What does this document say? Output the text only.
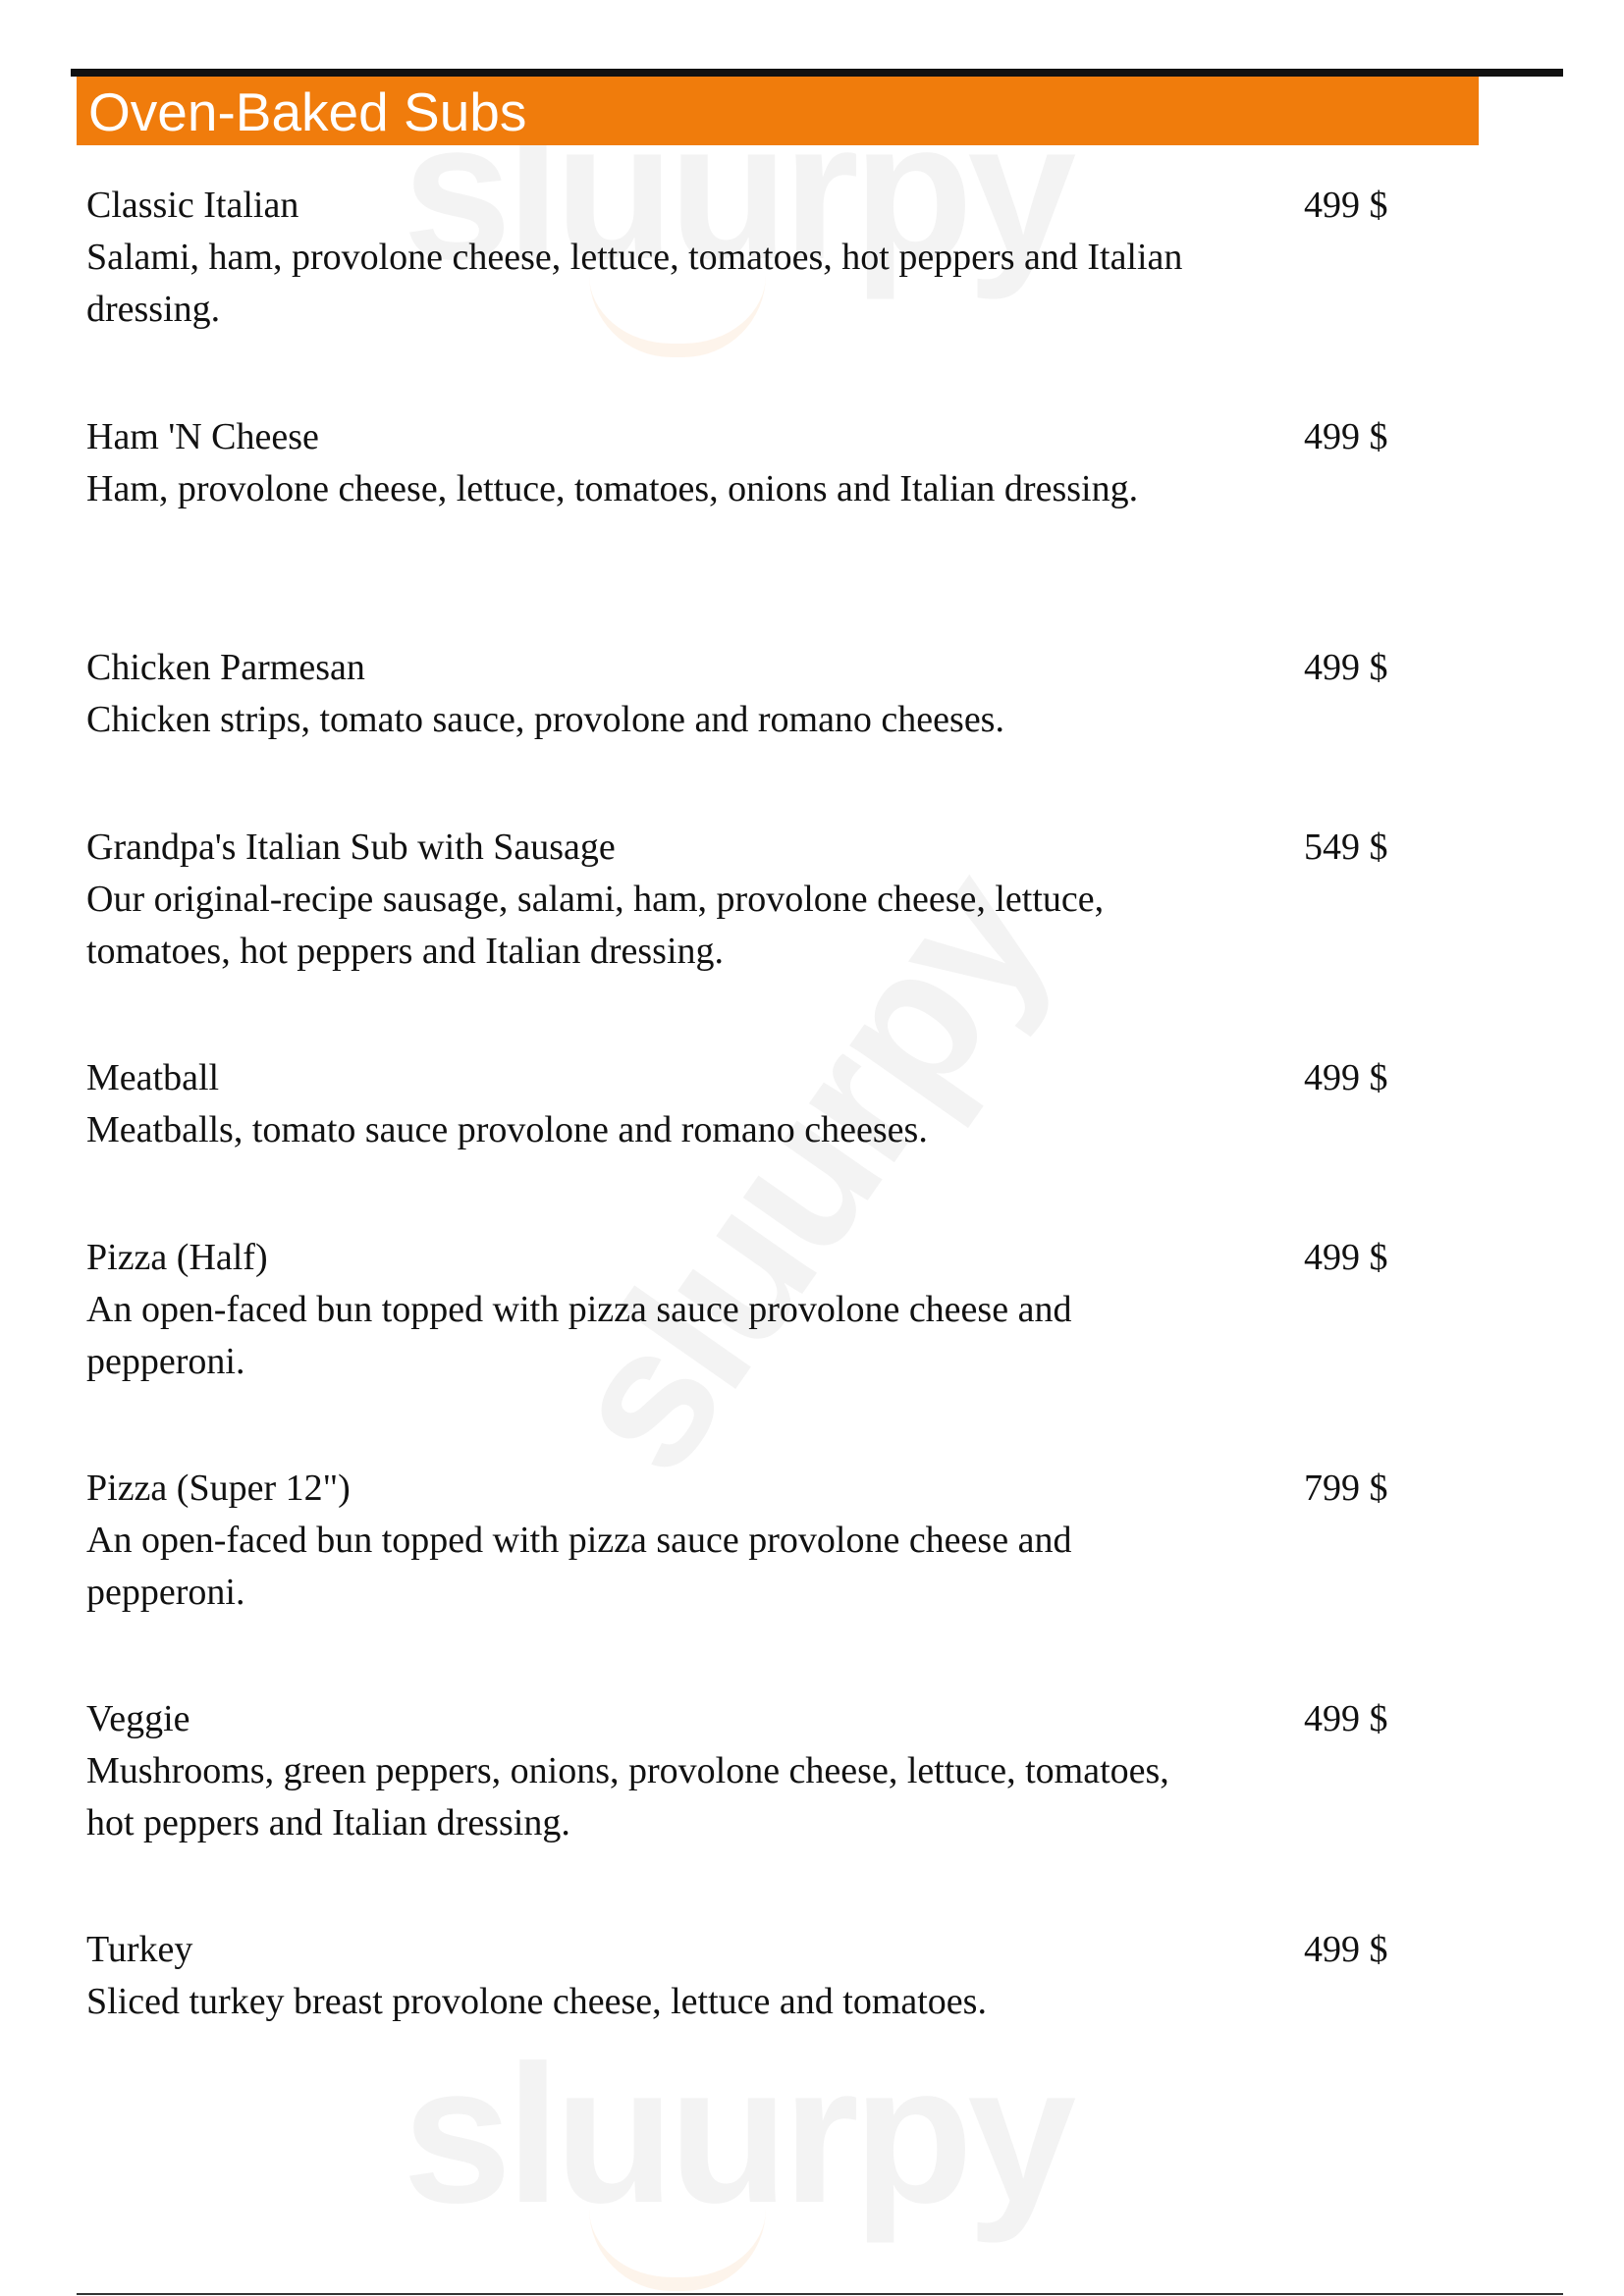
Oven-Baked Subs
Classic Italian
Salami, ham, provolone cheese, lettuce, tomatoes, hot peppers and Italian dressing.
499 $
Ham 'N Cheese
Ham, provolone cheese, lettuce, tomatoes, onions and Italian dressing.
499 $
Chicken Parmesan
Chicken strips, tomato sauce, provolone and romano cheeses.
499 $
Grandpa's Italian Sub with Sausage
Our original-recipe sausage, salami, ham, provolone cheese, lettuce, tomatoes, hot peppers and Italian dressing.
549 $
Meatball
Meatballs, tomato sauce provolone and romano cheeses.
499 $
Pizza (Half)
An open-faced bun topped with pizza sauce provolone cheese and pepperoni.
499 $
Pizza (Super 12")
An open-faced bun topped with pizza sauce provolone cheese and pepperoni.
799 $
Veggie
Mushrooms, green peppers, onions, provolone cheese, lettuce, tomatoes, hot peppers and Italian dressing.
499 $
Turkey
Sliced turkey breast provolone cheese, lettuce and tomatoes.
499 $
